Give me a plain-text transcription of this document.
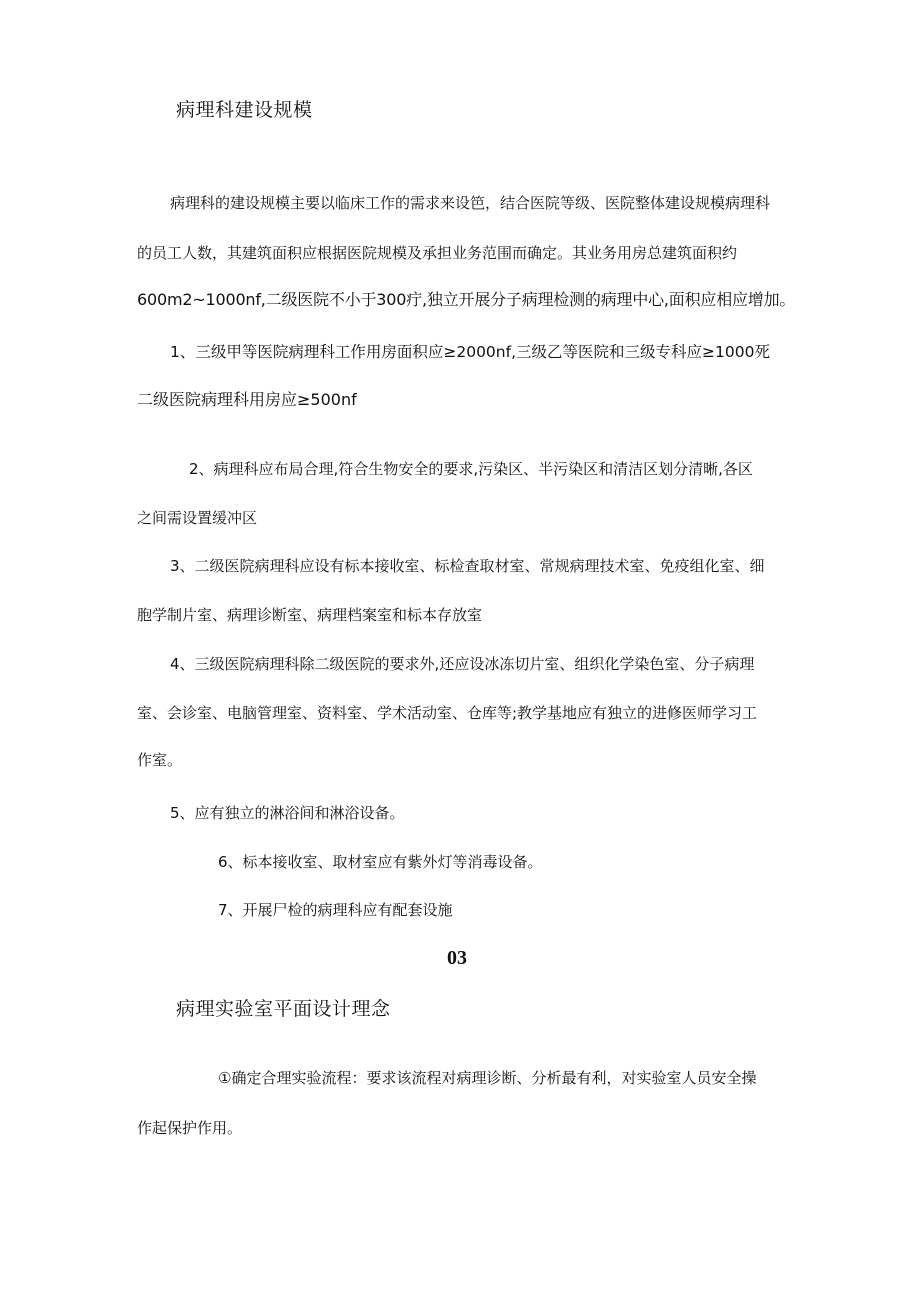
病理科建设规模
病理科的建设规模主要以临床工作的需求来设笆，结合医院等级、医院整体建设规模病理科
的员工人数，其建筑面积应根据医院规模及承担业务范围而确定。其业务用房总建筑面积约
600m2~1000nf,二级医院不小于300疔,独立开展分子病理检测的病理中心,面积应相应增加。
1、三级甲等医院病理科工作用房面积应≥2000nf,三级乙等医院和三级专科应≥1000死
二级医院病理科用房应≥500nf
2、病理科应布局合理,符合生物安全的要求,污染区、半污染区和清洁区划分清晰,各区
之间需设置缓冲区
3、二级医院病理科应设有标本接收室、标检查取材室、常规病理技术室、免疫组化室、细
胞学制片室、病理诊断室、病理档案室和标本存放室
4、三级医院病理科除二级医院的要求外,还应设冰冻切片室、组织化学染色室、分子病理
室、会诊室、电脑管理室、资料室、学术活动室、仓库等;教学基地应有独立的进修医师学习工
作室。
5、应有独立的淋浴间和淋浴设备。
6、标本接收室、取材室应有紫外灯等消毒设备。
7、开展尸检的病理科应有配套设施
03
病理实验室平面设计理念
①确定合理实验流程：要求该流程对病理诊断、分析最有利，对实验室人员安全操
作起保护作用。
